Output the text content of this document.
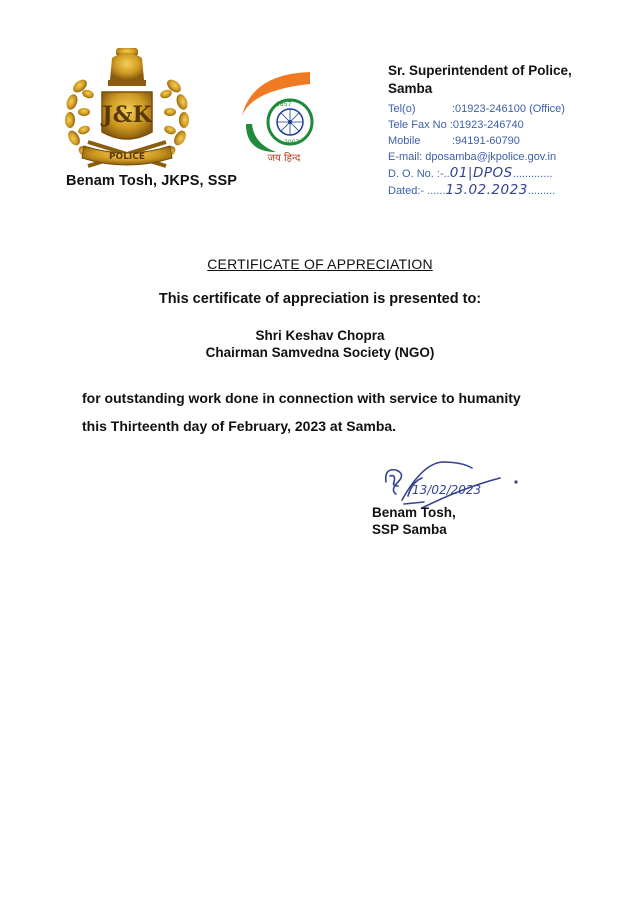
J&K
POLICE
Benam Tosh, JKPS, SSP
1857
2007
जय हिन्द
Sr. Superintendent of Police,
Samba
Tel(o)	:01923-246100 (Office)
Tele Fax No :01923-246740
Mobile	:94191-60790
E-mail: dposamba@jkpolice.gov.in
D. O. No. :-..01|DPOS.............
Dated:- ......13.02.2023.........
CERTIFICATE OF APPRECIATION
This certificate of appreciation is presented to:
Shri Keshav Chopra
Chairman Samvedna Society (NGO)
for outstanding work done in connection with service to humanity
this Thirteenth day of February, 2023 at Samba.
13/02/2023
Benam Tosh,
SSP Samba
